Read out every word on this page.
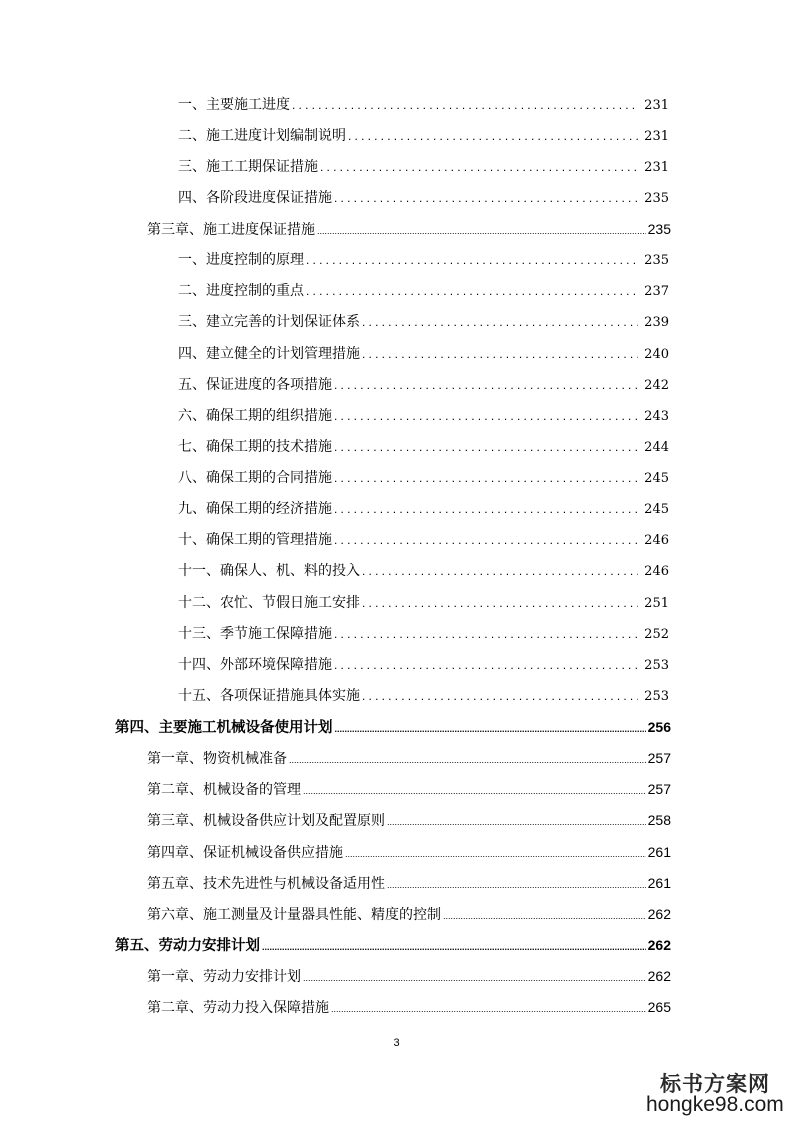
一、主要施工进度 .....	231
二、施工进度计划编制说明 .....	231
三、施工工期保证措施 .....	231
四、各阶段进度保证措施 .....	235
第三章、施工进度保证措施 .....	235
一、进度控制的原理 .....	235
二、进度控制的重点 .....	237
三、建立完善的计划保证体系 .....	239
四、建立健全的计划管理措施 .....	240
五、保证进度的各项措施 .....	242
六、确保工期的组织措施 .....	243
七、确保工期的技术措施 .....	244
八、确保工期的合同措施 .....	245
九、确保工期的经济措施 .....	245
十、确保工期的管理措施 .....	246
十一、确保人、机、料的投入 .....	246
十二、农忙、节假日施工安排 .....	251
十三、季节施工保障措施 .....	252
十四、外部环境保障措施 .....	253
十五、各项保证措施具体实施 .....	253
第四、主要施工机械设备使用计划 .....	256
第一章、物资机械准备 .....	257
第二章、机械设备的管理 .....	257
第三章、机械设备供应计划及配置原则 .....	258
第四章、保证机械设备供应措施 .....	261
第五章、技术先进性与机械设备适用性 .....	261
第六章、施工测量及计量器具性能、精度的控制 .....	262
第五、劳动力安排计划 .....	262
第一章、劳动力安排计划 .....	262
第二章、劳动力投入保障措施 .....	265
3
标书方案网
hongke98.com
